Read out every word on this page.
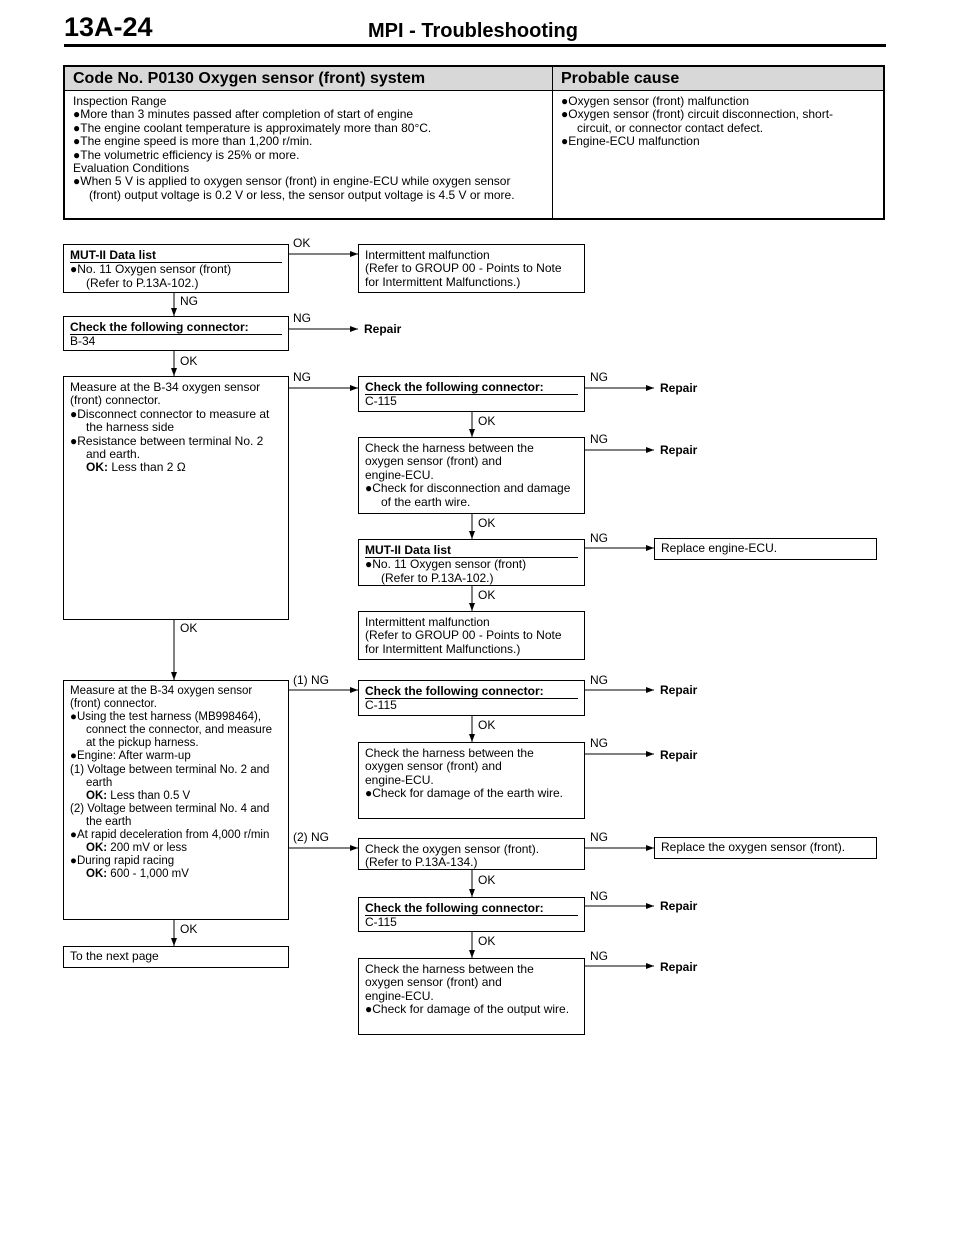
13A-24	MPI - Troubleshooting
Code No. P0130 Oxygen sensor (front) system	Probable cause
Inspection Range
●More than 3 minutes passed after completion of start of engine
●The engine coolant temperature is approximately more than 80°C.
●The engine speed is more than 1,200 r/min.
●The volumetric efficiency is 25% or more.
Evaluation Conditions
●When 5 V is applied to oxygen sensor (front) in engine-ECU while oxygen sensor (front) output voltage is 0.2 V or less, the sensor output voltage is 4.5 V or more.
●Oxygen sensor (front) malfunction
●Oxygen sensor (front) circuit disconnection, short-circuit, or connector contact defect.
●Engine-ECU malfunction
MUT-II Data list
●No. 11 Oxygen sensor (front)
(Refer to P.13A-102.)
Intermittent malfunction
(Refer to GROUP 00 - Points to Note
for Intermittent Malfunctions.)
Check the following connector:
B-34
Repair
Measure at the B-34 oxygen sensor
(front) connector.
●Disconnect connector to measure at the harness side
●Resistance between terminal No. 2 and earth.
OK: Less than 2 Ω
Check the following connector:
C-115
Repair
Check the harness between the
oxygen sensor (front) and
engine-ECU.
●Check for disconnection and damage of the earth wire.
Repair
MUT-II Data list
●No. 11 Oxygen sensor (front)
(Refer to P.13A-102.)
Replace engine-ECU.
Intermittent malfunction
(Refer to GROUP 00 - Points to Note
for Intermittent Malfunctions.)
Measure at the B-34 oxygen sensor
(front) connector.
●Using the test harness (MB998464), connect the connector, and measure at the pickup harness.
●Engine: After warm-up
(1) Voltage between terminal No. 2 and earth
OK: Less than 0.5 V
(2) Voltage between terminal No. 4 and the earth
●At rapid deceleration from 4,000 r/min
OK: 200 mV or less
●During rapid racing
OK: 600 - 1,000 mV
Check the following connector:
C-115
Repair
Check the harness between the
oxygen sensor (front) and
engine-ECU.
●Check for damage of the earth wire.
Repair
Check the oxygen sensor (front).
(Refer to P.13A-134.)
Replace the oxygen sensor (front).
Check the following connector:
C-115
Repair
Check the harness between the
oxygen sensor (front) and
engine-ECU.
●Check for damage of the output wire.
Repair
To the next page
OK
NG
NG
OK
NG	NG
OK
NG
OK
NG
OK
OK
(1) NG	NG
OK
NG
(2) NG	NG
OK
NG
OK
OK
NG
